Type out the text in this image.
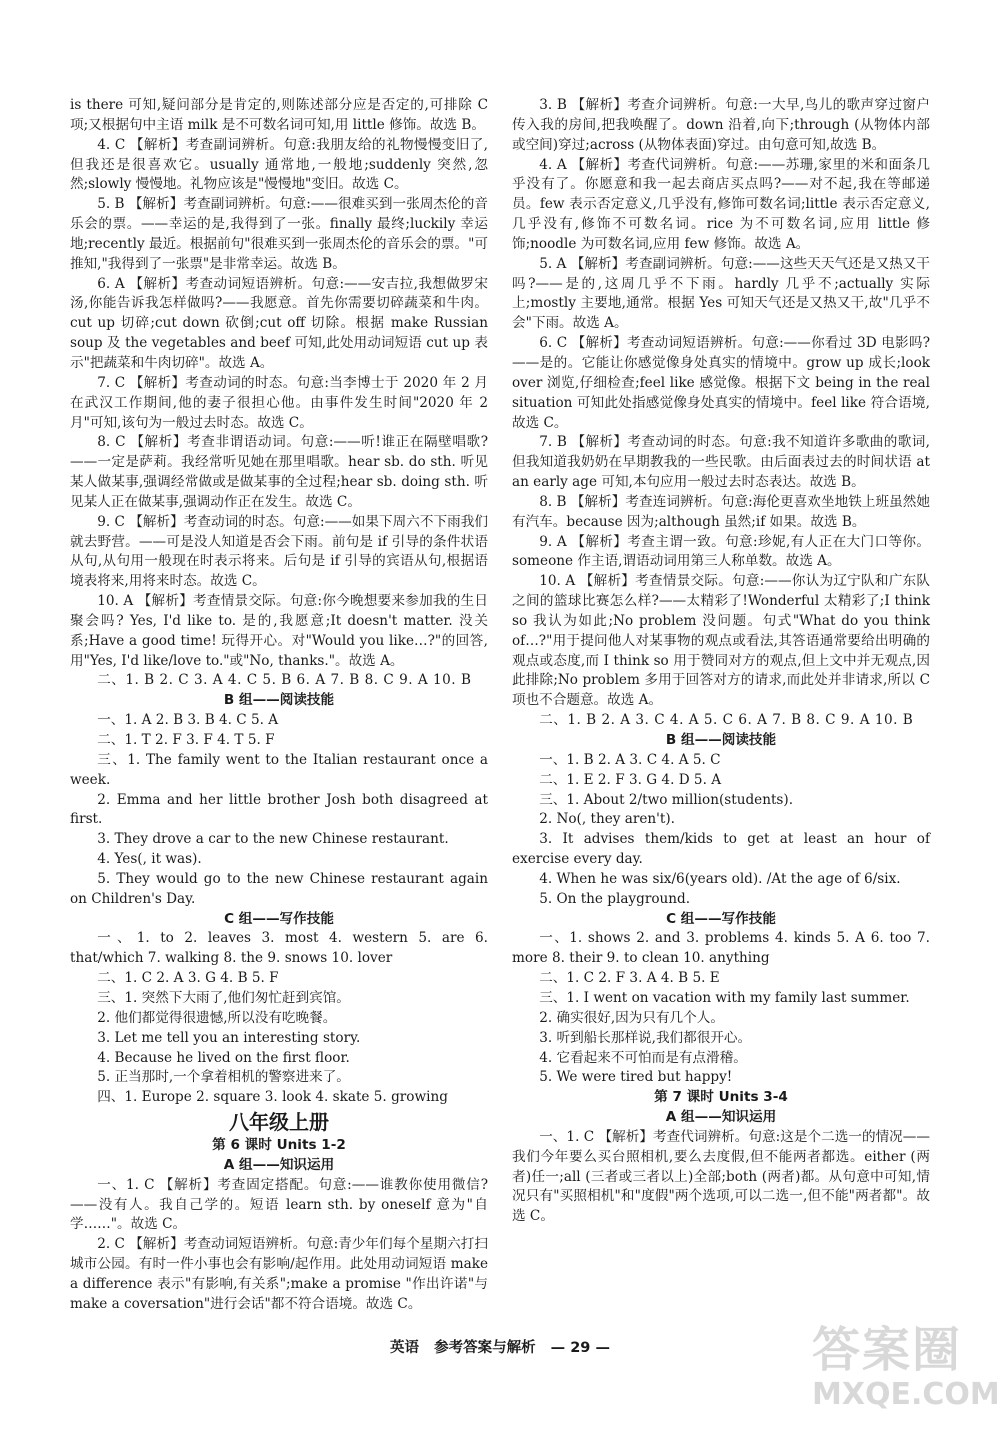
is there 可知,疑问部分是肯定的,则陈述部分应是否定的,可排除 C 项;又根据句中主语 milk 是不可数名词可知,用 little 修饰。故选 B。

4. C 【解析】考查副词辨析。句意:我朋友给的礼物慢慢变旧了,但我还是很喜欢它。usually 通常地,一般地;suddenly 突然,忽然;slowly 慢慢地。礼物应该是"慢慢地"变旧。故选 C。

5. B 【解析】考查副词辨析。句意:——很难买到一张周杰伦的音乐会的票。——幸运的是,我得到了一张。finally 最终;luckily 幸运地;recently 最近。根据前句"很难买到一张周杰伦的音乐会的票。"可推知,"我得到了一张票"是非常幸运。故选 B。

6. A 【解析】考查动词短语辨析。句意:——安吉拉,我想做罗宋汤,你能告诉我怎样做吗?——我愿意。首先你需要切碎蔬菜和牛肉。cut up 切碎;cut down 砍倒;cut off 切除。根据 make Russian soup 及 the vegetables and beef 可知,此处用动词短语 cut up 表示"把蔬菜和牛肉切碎"。故选 A。

7. C 【解析】考查动词的时态。句意:当李博士于 2020 年 2 月在武汉工作期间,他的妻子很担心他。由事件发生时间"2020 年 2 月"可知,该句为一般过去时态。故选 C。

8. C 【解析】考查非谓语动词。句意:——听!谁正在隔壁唱歌?——一定是萨莉。我经常听见她在那里唱歌。hear sb. do sth. 听见某人做某事,强调经常做或是做某事的全过程;hear sb. doing sth. 听见某人正在做某事,强调动作正在发生。故选 C。

9. C 【解析】考查动词的时态。句意:——如果下周六不下雨我们就去野营。——可是没人知道是否会下雨。前句是 if 引导的条件状语从句,从句用一般现在时表示将来。后句是 if 引导的宾语从句,根据语境表将来,用将来时态。故选 C。

10. A 【解析】考查情景交际。句意:你今晚想要来参加我的生日聚会吗? Yes, I'd like to. 是的,我愿意;It doesn't matter. 没关系;Have a good time! 玩得开心。对"Would you like…?"的回答,用"Yes, I'd like/love to."或"No, thanks."。故选 A。

二、1. B 2. C 3. A 4. C 5. B 6. A 7. B 8. C 9. A 10. B

B 组——阅读技能

一、1. A 2. B 3. B 4. C 5. A

二、1. T 2. F 3. F 4. T 5. F

三、1. The family went to the Italian restaurant once a week.

2. Emma and her little brother Josh both disagreed at first.

3. They drove a car to the new Chinese restaurant.

4. Yes(, it was).

5. They would go to the new Chinese restaurant again on Children's Day.

C 组——写作技能

一、1. to 2. leaves 3. most 4. western 5. are 6. that/which 7. walking 8. the 9. snows 10. lover

二、1. C 2. A 3. G 4. B 5. F

三、1. 突然下大雨了,他们匆忙赶到宾馆。

2. 他们都觉得很遗憾,所以没有吃晚餐。

3. Let me tell you an interesting story.

4. Because he lived on the first floor.

5. 正当那时,一个拿着相机的警察进来了。

四、1. Europe 2. square 3. look 4. skate 5. growing

八年级上册

第 6 课时 Units 1-2

A 组——知识运用

一、1. C 【解析】考查固定搭配。句意:——谁教你使用微信?——没有人。我自己学的。短语 learn sth. by oneself 意为"自学……"。故选 C。

2. C 【解析】考查动词短语辨析。句意:青少年们每个星期六打扫城市公园。有时一件小事也会有影响/起作用。此处用动词短语 make a difference 表示"有影响,有关系";make a promise "作出许诺"与 make a coversation"进行会话"都不符合语境。故选 C。

3. B 【解析】考查介词辨析。句意:一大早,鸟儿的歌声穿过窗户传入我的房间,把我唤醒了。down 沿着,向下;through (从物体内部或空间)穿过;across (从物体表面)穿过。由句意可知,故选 B。

4. A 【解析】考查代词辨析。句意:——苏珊,家里的米和面条几乎没有了。你愿意和我一起去商店买点吗?——对不起,我在等邮递员。few 表示否定意义,几乎没有,修饰可数名词;little 表示否定意义,几乎没有,修饰不可数名词。rice 为不可数名词,应用 little 修饰;noodle 为可数名词,应用 few 修饰。故选 A。

5. A 【解析】考查副词辨析。句意:——这些天天气还是又热又干吗?——是的,这周几乎不下雨。hardly 几乎不;actually 实际上;mostly 主要地,通常。根据 Yes 可知天气还是又热又干,故"几乎不会"下雨。故选 A。

6. C 【解析】考查动词短语辨析。句意:——你看过 3D 电影吗?——是的。它能让你感觉像身处真实的情境中。grow up 成长;look over 浏览,仔细检查;feel like 感觉像。根据下文 being in the real situation 可知此处指感觉像身处真实的情境中。feel like 符合语境,故选 C。

7. B 【解析】考查动词的时态。句意:我不知道许多歌曲的歌词,但我知道我奶奶在早期教我的一些民歌。由后面表过去的时间状语 at an early age 可知,本句应用一般过去时态表达。故选 B。

8. B 【解析】考查连词辨析。句意:海伦更喜欢坐地铁上班虽然她有汽车。because 因为;although 虽然;if 如果。故选 B。

9. A 【解析】考查主谓一致。句意:珍妮,有人正在大门口等你。someone 作主语,谓语动词用第三人称单数。故选 A。

10. A 【解析】考查情景交际。句意:——你认为辽宁队和广东队之间的篮球比赛怎么样?——太精彩了!Wonderful 太精彩了;I think so 我认为如此;No problem 没问题。句式"What do you think of…?"用于提问他人对某事物的观点或看法,其答语通常要给出明确的观点或态度,而 I think so 用于赞同对方的观点,但上文中并无观点,因此排除;No problem 多用于回答对方的请求,而此处并非请求,所以 C 项也不合题意。故选 A。

二、1. B 2. A 3. C 4. A 5. C 6. A 7. B 8. C 9. A 10. B

B 组——阅读技能

一、1. B 2. A 3. C 4. A 5. C

二、1. E 2. F 3. G 4. D 5. A

三、1. About 2/two million(students).

2. No(, they aren't).

3. It advises them/kids to get at least an hour of exercise every day.

4. When he was six/6(years old). /At the age of 6/six.

5. On the playground.

C 组——写作技能

一、1. shows 2. and 3. problems 4. kinds 5. A 6. too 7. more 8. their 9. to clean 10. anything

二、1. C 2. F 3. A 4. B 5. E

三、1. I went on vacation with my family last summer.

2. 确实很好,因为只有几个人。

3. 听到船长那样说,我们都很开心。

4. 它看起来不可怕而是有点滑稽。

5. We were tired but happy!

第 7 课时 Units 3-4

A 组——知识运用

一、1. C 【解析】考查代词辨析。句意:这是个二选一的情况——我们今年要么买台照相机,要么去度假,但不能两者都选。either (两者)任一;all (三者或三者以上)全部;both (两者)都。从句意中可知,情况只有"买照相机"和"度假"两个选项,可以二选一,但不能"两者都"。故选 C。

英语 参考答案与解析 — 29 —	答案圈
MXQE.COM
